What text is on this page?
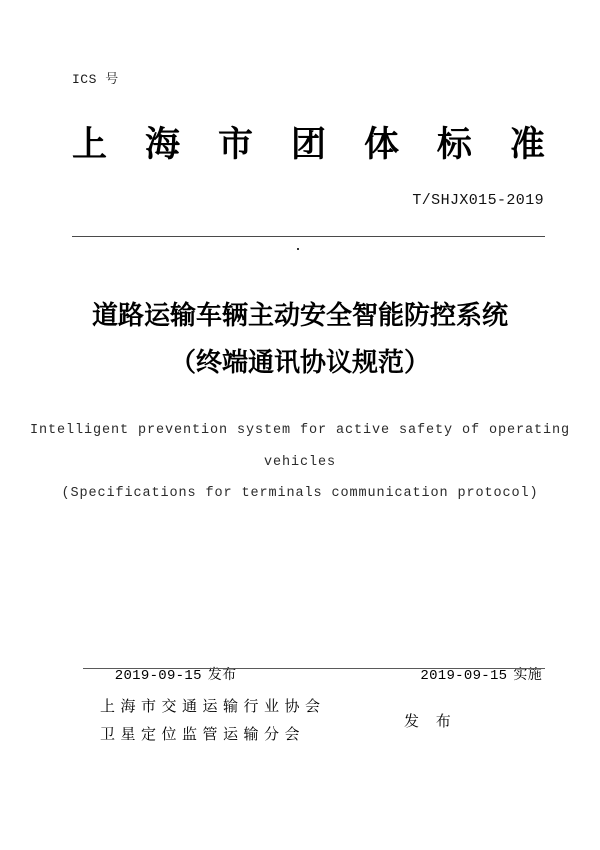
ICS 号
上 海 市 团 体 标 准
T/SHJX015-2019
道路运输车辆主动安全智能防控系统
（终端通讯协议规范）
Intelligent prevention system for active safety of operating
vehicles
(Specifications for terminals communication protocol)

2019-09-15 发布
	2019-09-15 实施

上海市交通运输行业协会
卫星定位监管运输分会
发 布
